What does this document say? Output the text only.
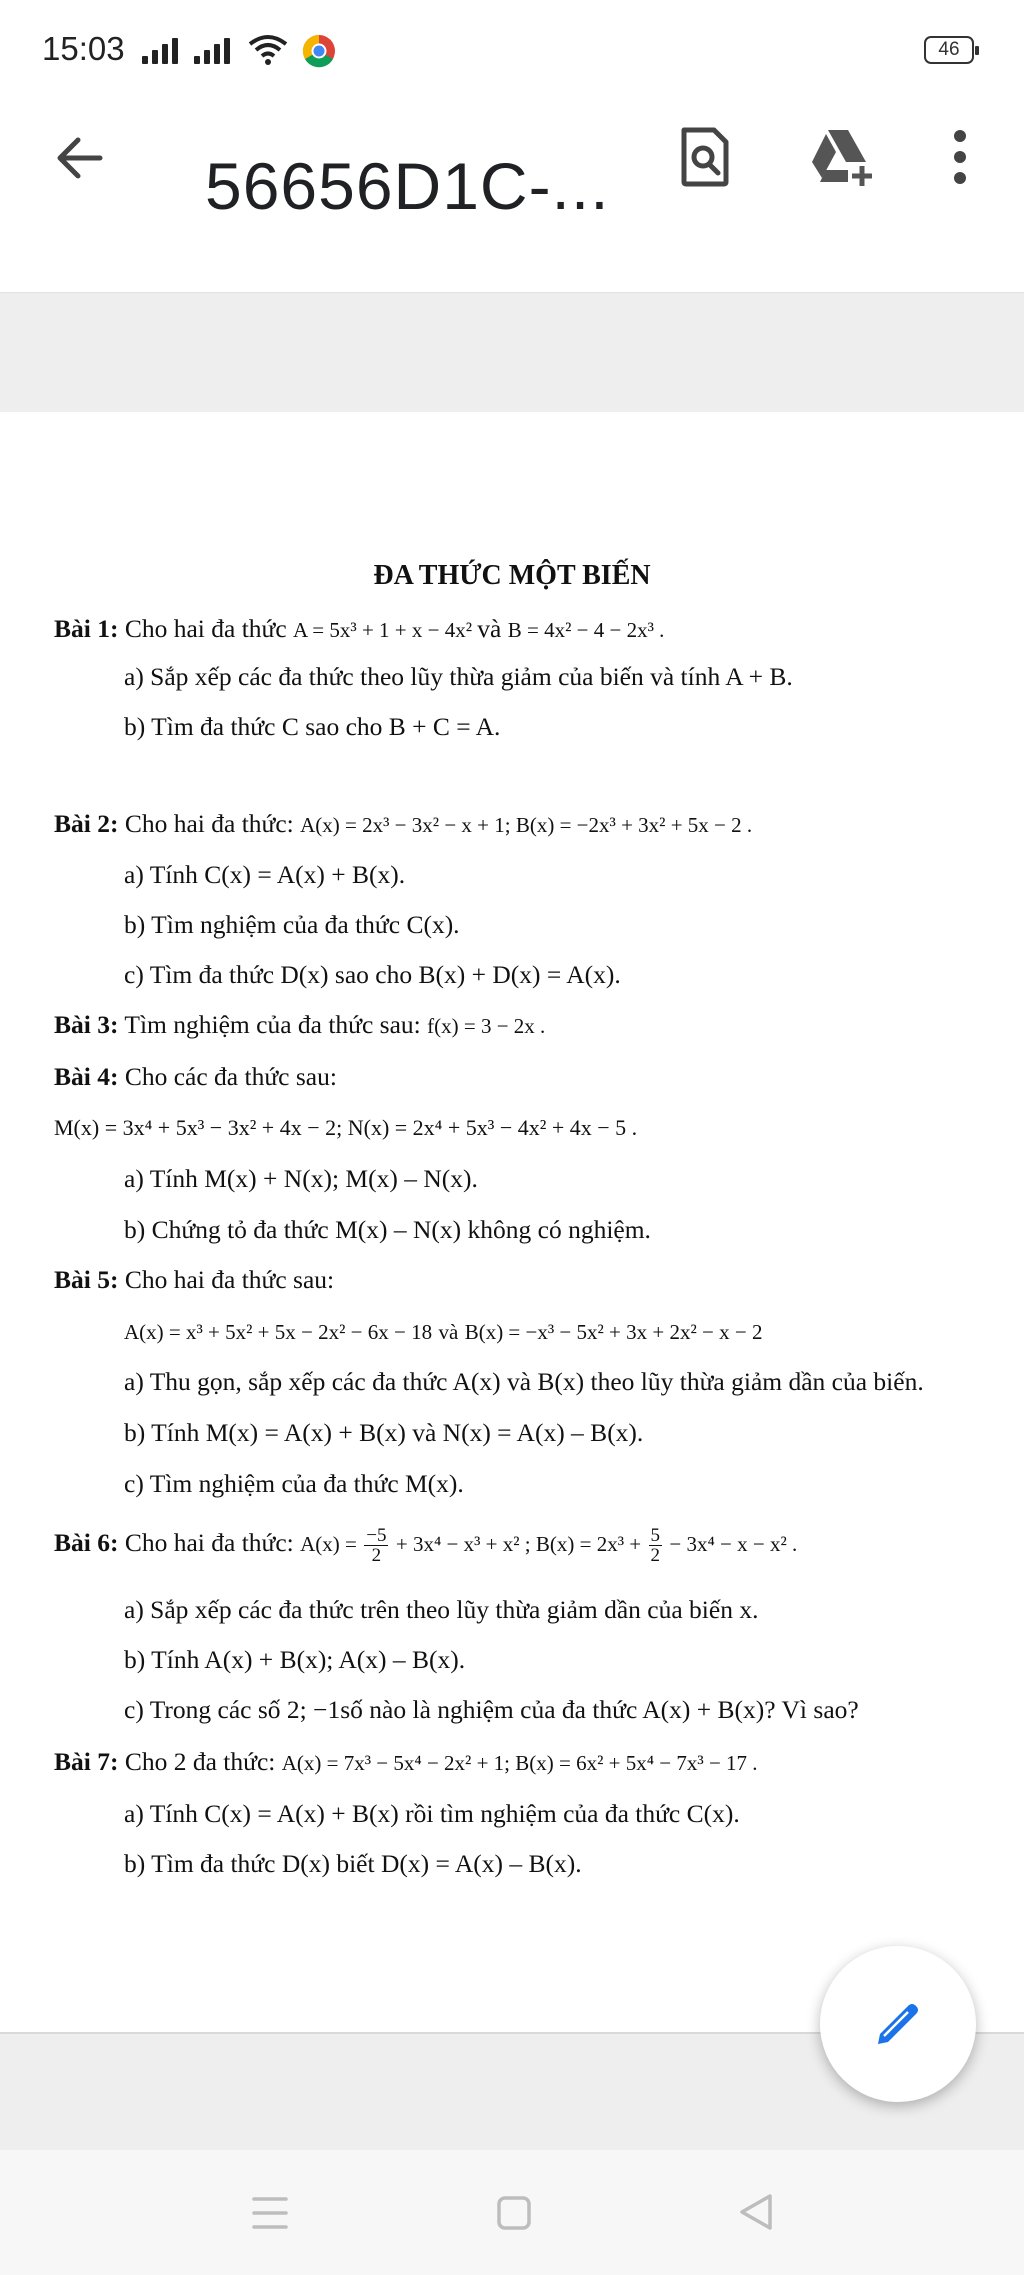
15:03	46
56656D1C-...
ĐA THỨC MỘT BIẾN
Bài 1: Cho hai đa thức A = 5x³ + 1 + x − 4x² và B = 4x² − 4 − 2x³ .
a) Sắp xếp các đa thức theo lũy thừa giảm của biến và tính A + B.
b) Tìm đa thức C sao cho B + C = A.
Bài 2: Cho hai đa thức: A(x) = 2x³ − 3x² − x + 1; B(x) = −2x³ + 3x² + 5x − 2 .
a) Tính C(x) = A(x) + B(x).
b) Tìm nghiệm của đa thức C(x).
c) Tìm đa thức D(x) sao cho B(x) + D(x) = A(x).
Bài 3: Tìm nghiệm của đa thức sau: f(x) = 3 − 2x .
Bài 4: Cho các đa thức sau:
M(x) = 3x⁴ + 5x³ − 3x² + 4x − 2; N(x) = 2x⁴ + 5x³ − 4x² + 4x − 5 .
a) Tính M(x) + N(x); M(x) – N(x).
b) Chứng tỏ đa thức M(x) – N(x) không có nghiệm.
Bài 5: Cho hai đa thức sau:
A(x) = x³ + 5x² + 5x − 2x² − 6x − 18 và B(x) = −x³ − 5x² + 3x + 2x² − x − 2
a) Thu gọn, sắp xếp các đa thức A(x) và B(x) theo lũy thừa giảm dần của biến.
b) Tính M(x) = A(x) + B(x) và N(x) = A(x) – B(x).
c) Tìm nghiệm của đa thức M(x).
Bài 6: Cho hai đa thức: $A(x) = \frac{-5}{2} + 3x^4 - x^3 + x^2$ ; $B(x) = 2x^3 + \frac{5}{2} - 3x^4 - x - x^2$ .
a) Sắp xếp các đa thức trên theo lũy thừa giảm dần của biến x.
b) Tính A(x) + B(x); A(x) – B(x).
c) Trong các số 2; −1số nào là nghiệm của đa thức A(x) + B(x)? Vì sao?
Bài 7: Cho 2 đa thức: A(x) = 7x³ − 5x⁴ − 2x² + 1; B(x) = 6x² + 5x⁴ − 7x³ − 17 .
a) Tính C(x) = A(x) + B(x) rồi tìm nghiệm của đa thức C(x).
b) Tìm đa thức D(x) biết D(x) = A(x) – B(x).
